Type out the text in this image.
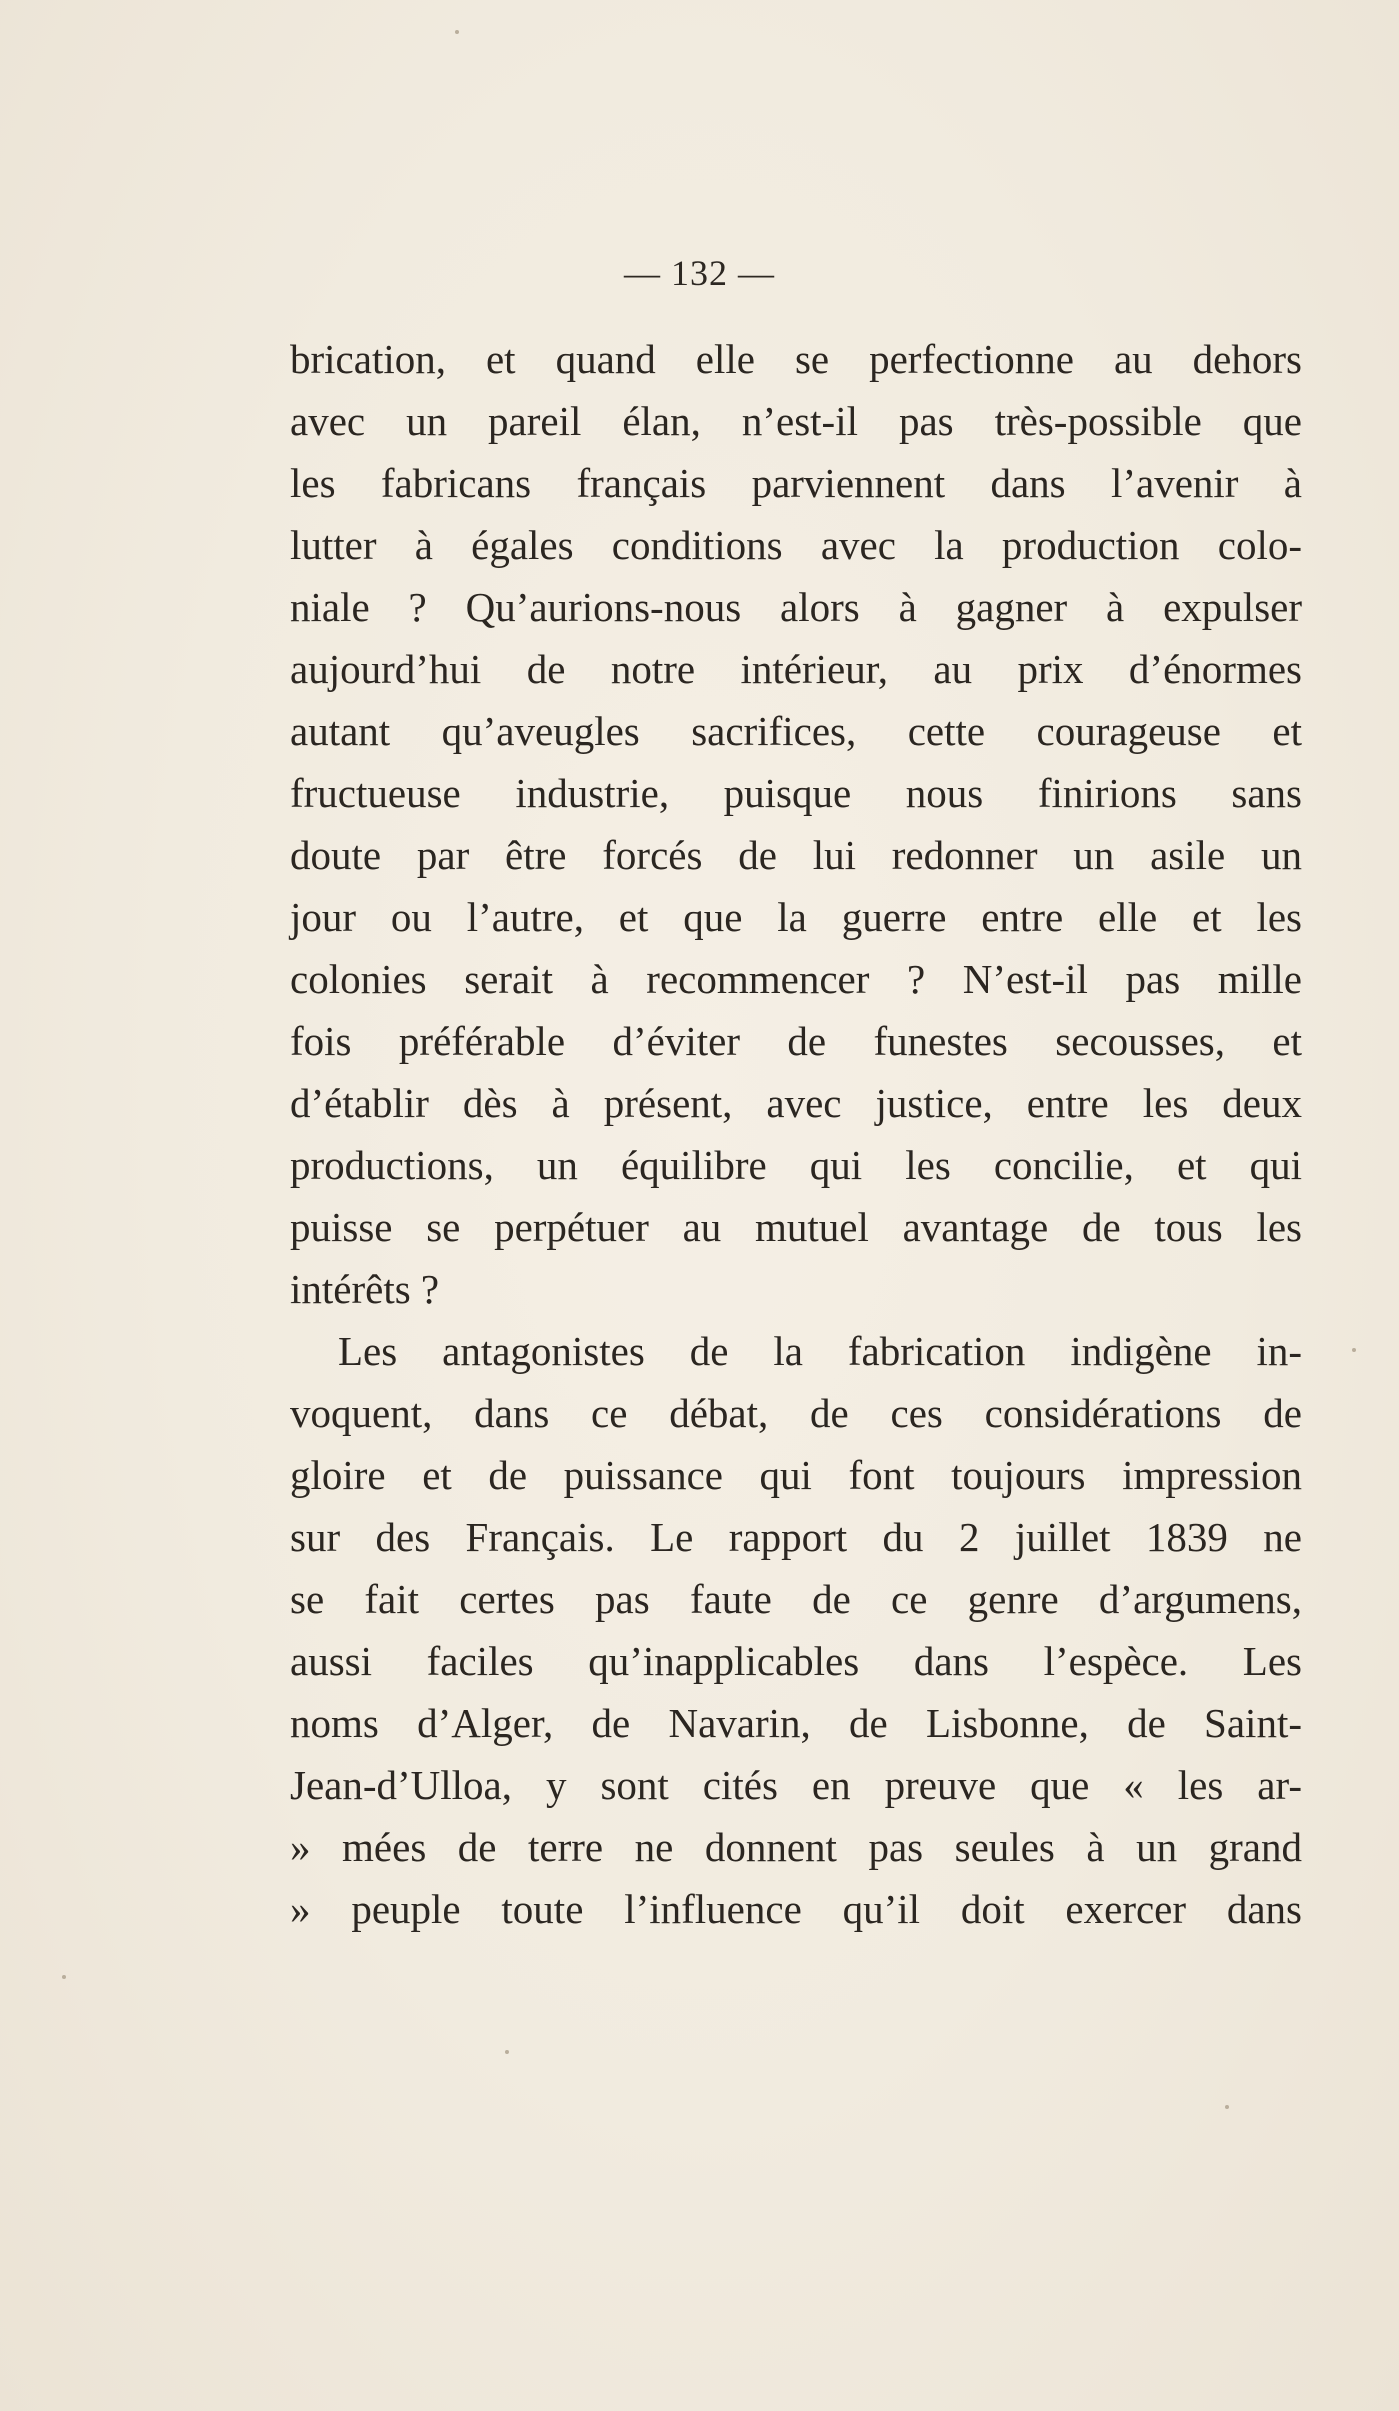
— 132 —
brication, et quand elle se perfectionne au dehors
avec un pareil élan, n’est-il pas très-possible que
les fabricans français parviennent dans l’avenir à
lutter à égales conditions avec la production colo-
niale ? Qu’aurions-nous alors à gagner à expulser
aujourd’hui de notre intérieur, au prix d’énormes
autant qu’aveugles sacrifices, cette courageuse et
fructueuse industrie, puisque nous finirions sans
doute par être forcés de lui redonner un asile un
jour ou l’autre, et que la guerre entre elle et les
colonies serait à recommencer ? N’est-il pas mille
fois préférable d’éviter de funestes secousses, et
d’établir dès à présent, avec justice, entre les deux
productions, un équilibre qui les concilie, et qui
puisse se perpétuer au mutuel avantage de tous les
intérêts ?
Les antagonistes de la fabrication indigène in-
voquent, dans ce débat, de ces considérations de
gloire et de puissance qui font toujours impression
sur des Français. Le rapport du 2 juillet 1839 ne
se fait certes pas faute de ce genre d’argumens,
aussi faciles qu’inapplicables dans l’espèce. Les
noms d’Alger, de Navarin, de Lisbonne, de Saint-
Jean-d’Ulloa, y sont cités en preuve que « les ar-
» mées de terre ne donnent pas seules à un grand
» peuple toute l’influence qu’il doit exercer dans
